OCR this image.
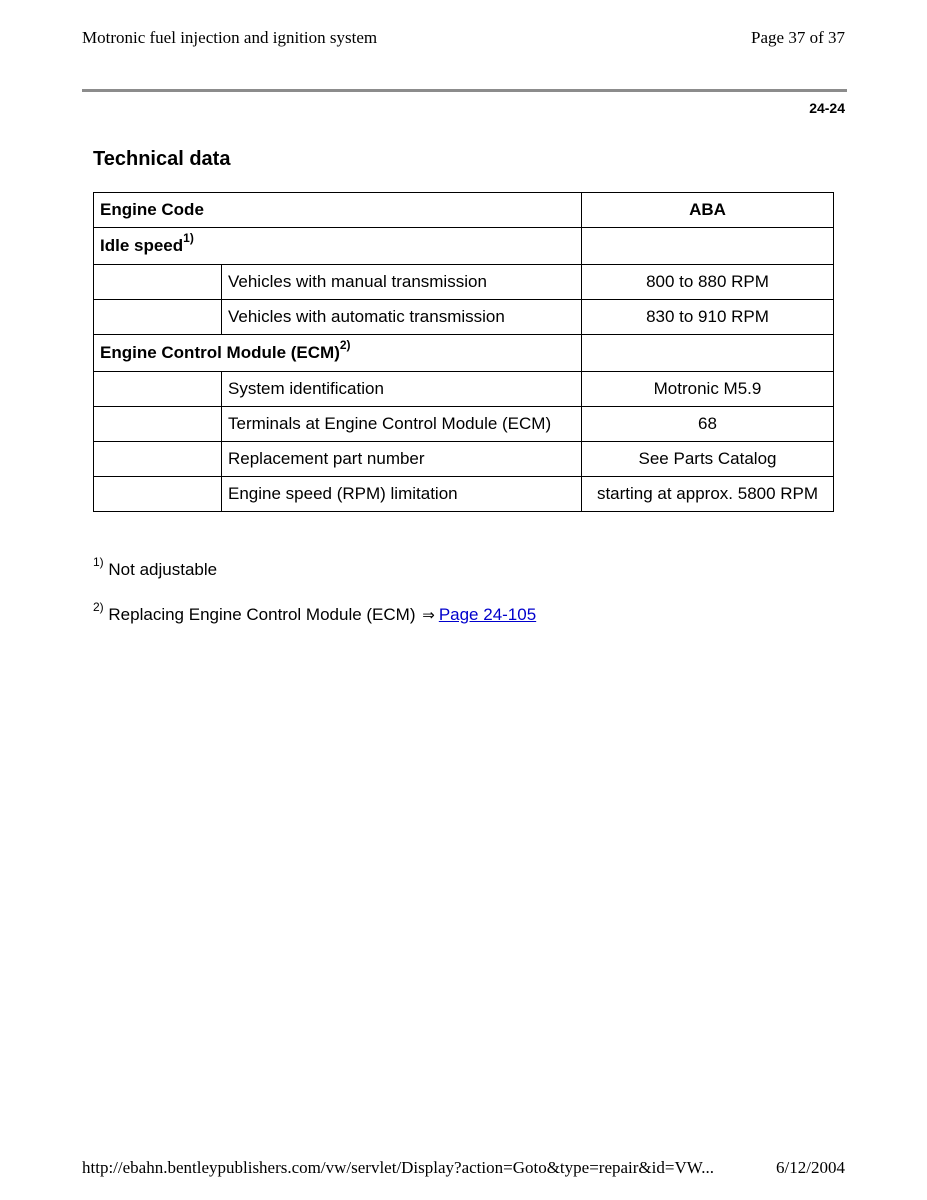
Motronic fuel injection and ignition system	Page 37 of 37
24-24
Technical data
Engine Code		ABA
Idle speed$^{1)}$	
	Vehicles with manual transmission	800 to 880 RPM
	Vehicles with automatic transmission	830 to 910 RPM
Engine Control Module (ECM)$^{2)}$	
	System identification	Motronic M5.9
	Terminals at Engine Control Module (ECM)	68
	Replacement part number	See Parts Catalog
	Engine speed (RPM) limitation	starting at approx. 5800 RPM
$^{1)}$ Not adjustable
$^{2)}$ Replacing Engine Control Module (ECM) ⇒ Page 24-105
http://ebahn.bentleypublishers.com/vw/servlet/Display?action=Goto&type=repair&id=VW...	6/12/2004
